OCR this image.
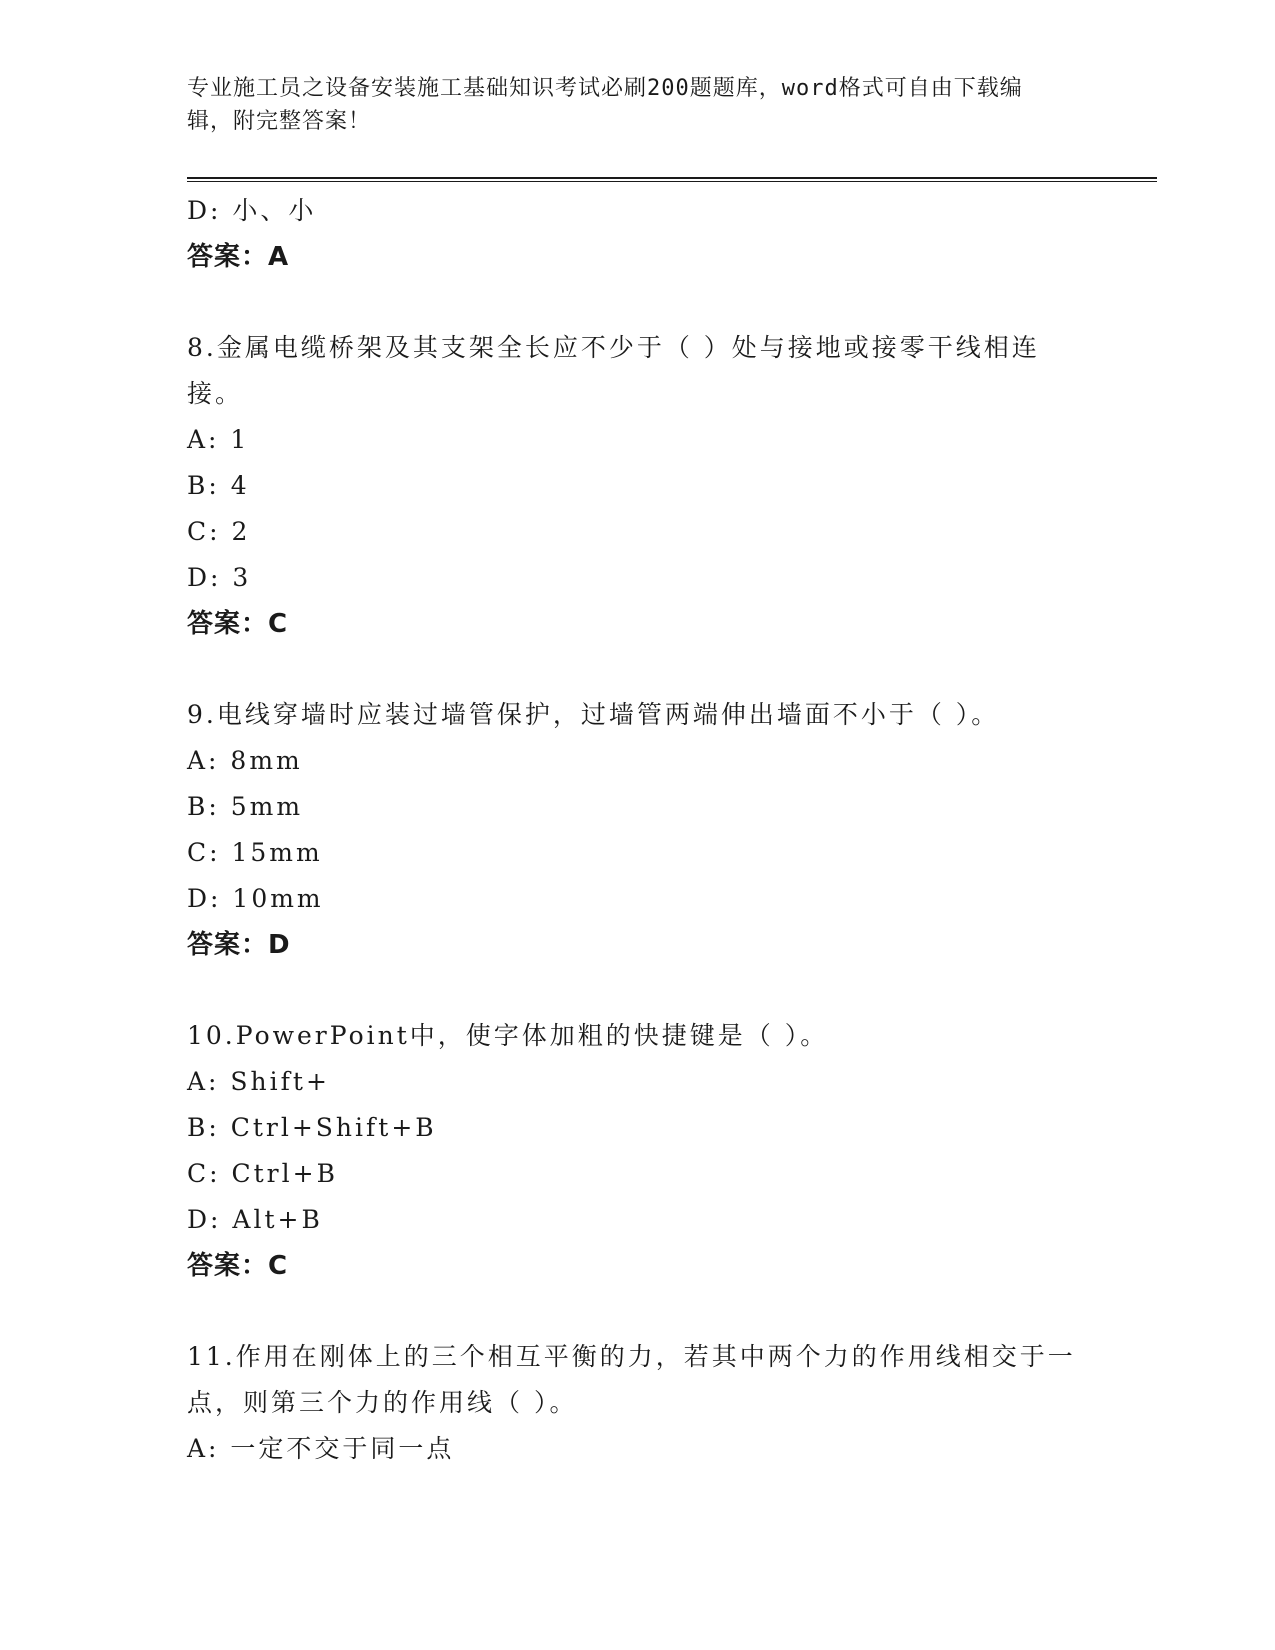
专业施工员之设备安装施工基础知识考试必刷200题题库，word格式可自由下载编辑，附完整答案！
D: 小、小
答案：A
8.金属电缆桥架及其支架全长应不少于（ ）处与接地或接零干线相连接。
A: 1
B: 4
C: 2
D: 3
答案：C
9.电线穿墙时应装过墙管保护，过墙管两端伸出墙面不小于（ ）。
A: 8mm
B: 5mm
C: 15mm
D: 10mm
答案：D
10.PowerPoint中，使字体加粗的快捷键是（ ）。
A: Shift+
B: Ctrl+Shift+B
C: Ctrl+B
D: Alt+B
答案：C
11.作用在刚体上的三个相互平衡的力，若其中两个力的作用线相交于一点，则第三个力的作用线（ ）。
A: 一定不交于同一点
